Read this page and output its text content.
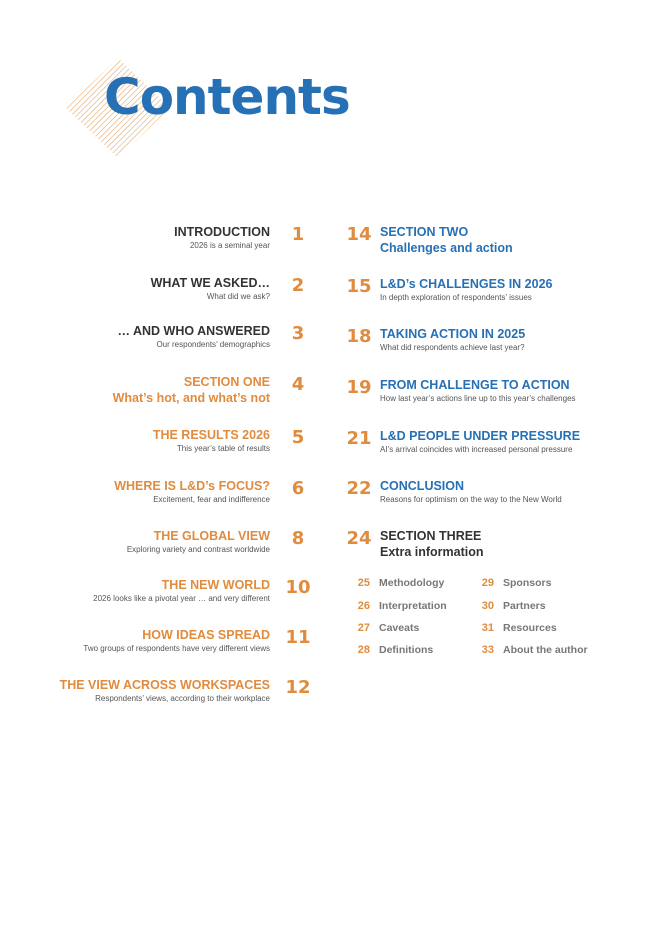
Contents
INTRODUCTION
2026 is a seminal year
1
WHAT WE ASKED…
What did we ask?
2
… AND WHO ANSWERED
Our respondents’ demographics
3
SECTION ONE
What’s hot, and what’s not
4
THE RESULTS 2026
This year’s table of results
5
WHERE IS L&D’s FOCUS?
Excitement, fear and indifference
6
THE GLOBAL VIEW
Exploring variety and contrast worldwide
8
THE NEW WORLD
2026 looks like a pivotal year … and very different
10
HOW IDEAS SPREAD
Two groups of respondents have very different views
11
THE VIEW ACROSS WORKSPACES
Respondents’ views, according to their workplace
12
14 SECTION TWO
Challenges and action
15 L&D’s CHALLENGES IN 2026
In depth exploration of respondents’ issues
18 TAKING ACTION IN 2025
What did respondents achieve last year?
19 FROM CHALLENGE TO ACTION
How last year’s actions line up to this year’s challenges
21 L&D PEOPLE UNDER PRESSURE
AI’s arrival coincides with increased personal pressure
22 CONCLUSION
Reasons for optimism on the way to the New World
24 SECTION THREE
Extra information
25 Methodology
26 Interpretation
27 Caveats
28 Definitions
29 Sponsors
30 Partners
31 Resources
33 About the author
